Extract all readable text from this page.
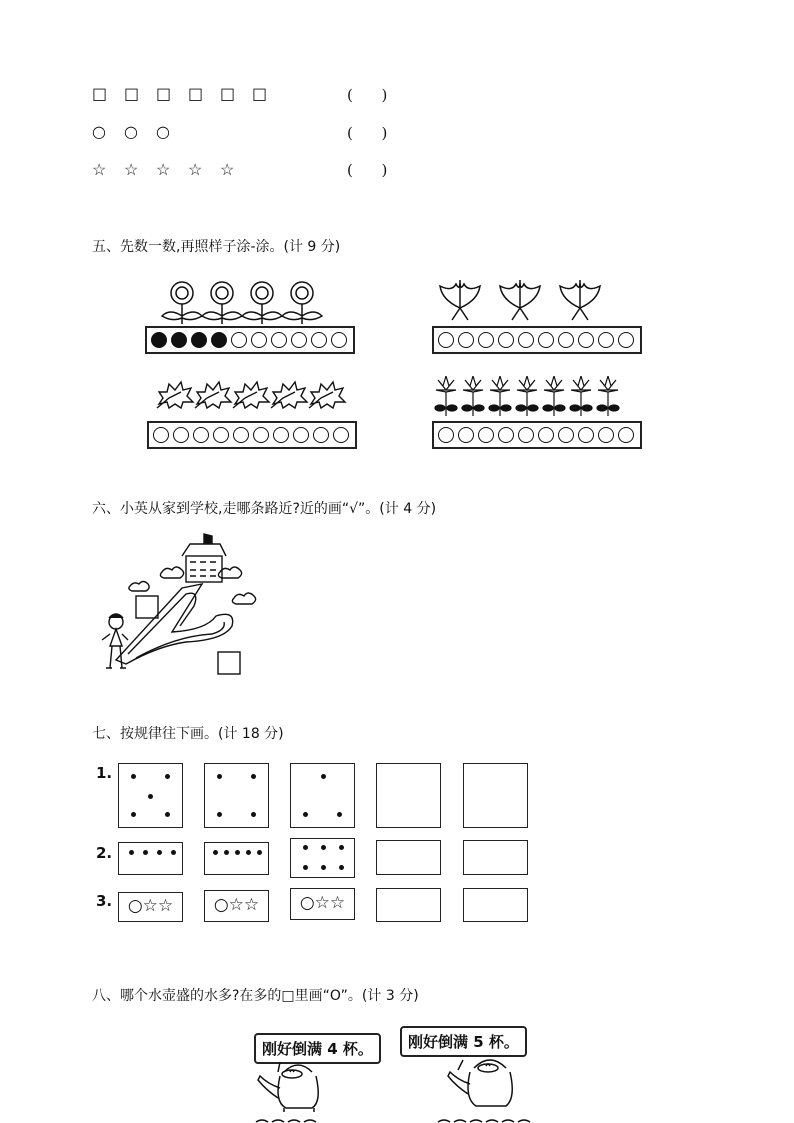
□ □ □ □ □ □	(      )
○ ○ ○	(      )
☆ ☆ ☆ ☆ ☆	(      )
五、先数一数,再照样子涂-涂。(计 9 分)
六、小英从家到学校,走哪条路近?近的画“√”。(计 4 分)
七、按规律往下画。(计 18 分)
1.
2.
3. ○☆☆	○☆☆	○☆☆
八、哪个水壶盛的水多?在多的□里画“O”。(计 3 分)
刚好倒满 4 杯。	刚好倒满 5 杯。
